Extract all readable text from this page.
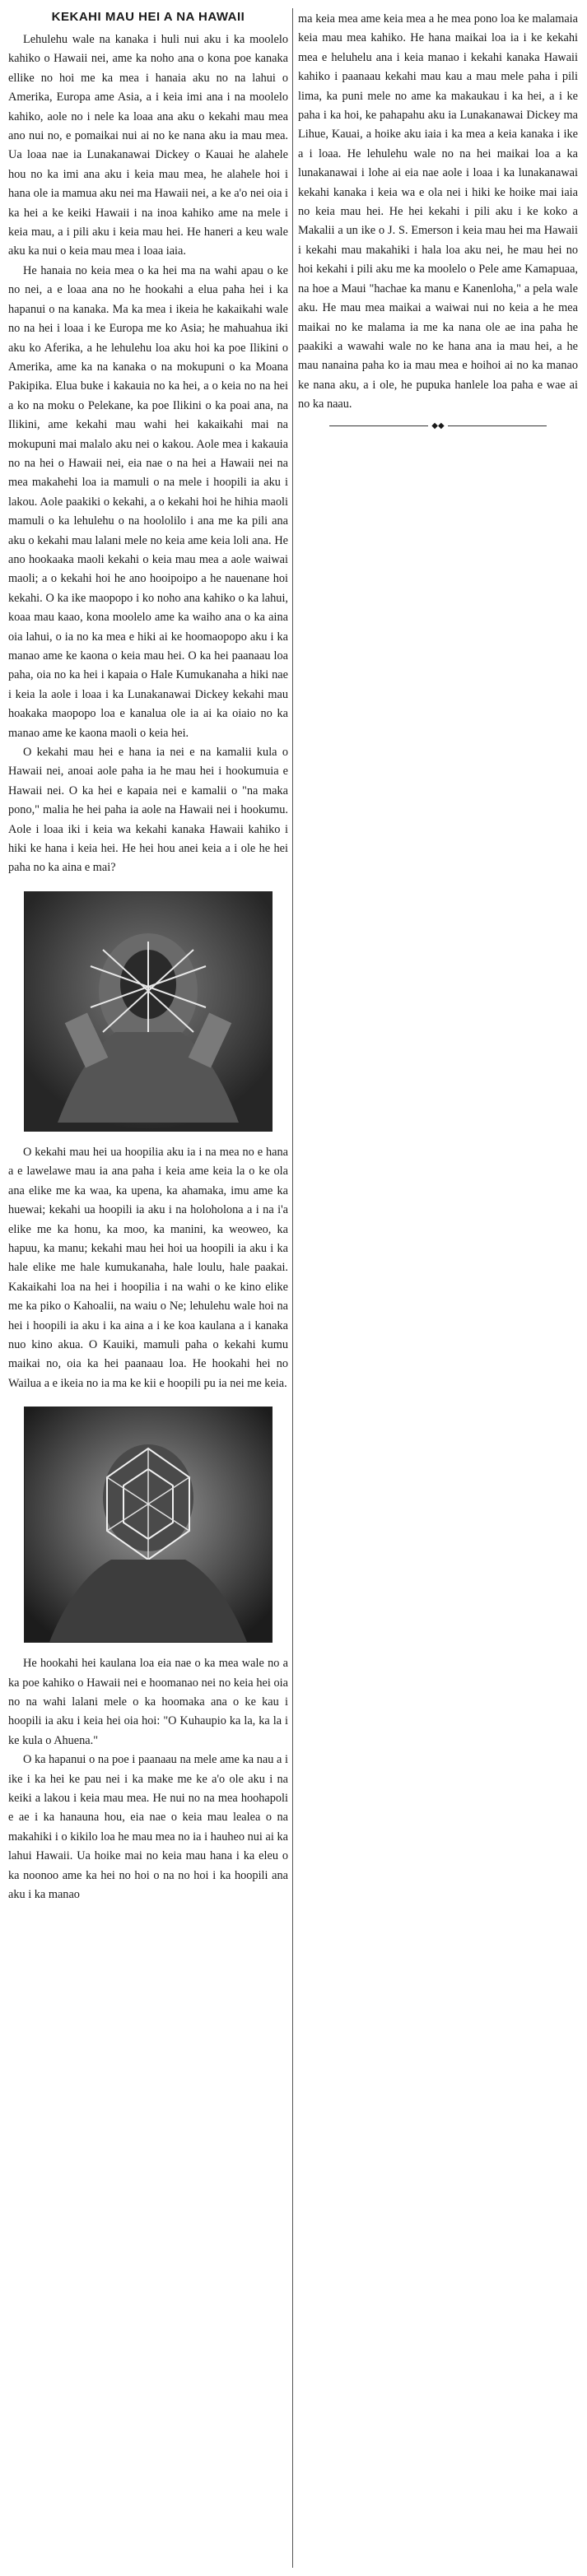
KEKAHI MAU HEI A NA HAWAII

Lehulehu wale na kanaka i huli nui aku i ka moolelo kahiko o Hawaii nei, ame ka noho ana o kona poe kanaka ellike no hoi me ka mea i hanaia aku no na lahui o Amerika, Europa ame Asia, a i keia imi ana i na moolelo kahiko, aole no i nele ka loaa ana aku o kekahi mau mea ano nui no, e pomaikai nui ai no ke nana aku ia mau mea. Ua loaa nae ia Lunakanawai Dickey o Kauai he alahele hou no ka imi ana aku i keia mau mea, he alahele hoi i hana ole ia mamua aku nei ma Hawaii nei, a ke a'o nei oia i ka hei a ke keiki Hawaii i na inoa kahiko ame na mele i keia mau, a i pili aku i keia mau hei. He haneri a keu wale aku ka nui o keia mau mea i loaa iaia.

He hanaia no keia mea o ka hei ma na wahi apau o ke no nei, a e loaa ana no he hookahi a elua paha hei i ka hapanui o na kanaka. Ma ka mea i ikeia he kakaikahi wale no na hei i loaa i ke Europa me ko Asia; he mahuahua iki aku ko Aferika, a he lehulehu loa aku hoi ka poe Ilikini o Amerika, ame ka na kanaka o na mokupuni o ka Moana Pakipika. Elua buke i kakauia no ka hei, a o keia no na hei a ko na moku o Pelekane, ka poe Ilikini o ka poai ana, na Ilikini, ame kekahi mau wahi hei kakaikahi mai na mokupuni mai malalo aku nei o kakou. Aole mea i kakauia no na hei o Hawaii nei, eia nae o na hei a Hawaii nei na mea makahehi loa ia mamuli o na mele i hoopili ia aku i lakou. Aole paakiki o kekahi, a o kekahi hoi he hihia maoli mamuli o ka lehulehu o na hoololilo i ana me ka pili ana aku o kekahi mau lalani mele no keia ame keia loli ana. He ano hookaaka maoli kekahi o keia mau mea a aole waiwai maoli; a o kekahi hoi he ano hooipoipo a he nauenane hoi kekahi. O ka ike maopopo i ko noho ana kahiko o ka lahui, koaa mau kaao, kona moolelo ame ka waiho ana o ka aina oia lahui, o ia no ka mea e hiki ai ke hoomaopopo aku i ka manao ame ke kaona o keia mau hei. O ka hei paanaau loa paha, oia no ka hei i kapaia o Hale Kumukanaha a hiki nae i keia la aole i loaa i ka Lunakanawai Dickey kekahi mau hoakaka maopopo loa e kanalua ole ia ai ka oiaio no ka manao ame ke kaona maoli o keia hei.

O kekahi mau hei e hana ia nei e na kamalii kula o Hawaii nei, anoai aole paha ia he mau hei i hookumuia e Hawaii nei. O ka hei e kapaia nei e kamalii o "na maka pono," malia he hei paha ia aole na Hawaii nei i hookumu. Aole i loaa iki i keia wa kekahi kanaka Hawaii kahiko i hiki ke hana i keia hei. He hei hou anei keia a i ole he hei paha no ka aina e mai?

O kekahi mau hei ua hoopilia aku ia i na mea no e hana a e lawelawe mau ia ana paha i keia ame keia la o ke ola ana elike me ka waa, ka upena, ka ahamaka, imu ame ka huewai; kekahi ua hoopili ia aku i na holoholona a i na i'a elike me ka honu, ka moo, ka manini, ka weoweo, ka hapuu, ka manu; kekahi mau hei hoi ua hoopili ia aku i ka hale elike me hale kumukanaha, hale loulu, hale paakai. Kakaikahi loa na hei i hoopilia i na wahi o ke kino elike me ka piko o Kahoalii, na waiu o Ne; lehulehu wale hoi na hei i hoopili ia aku i ka aina a i ke koa kaulana a i kanaka nuo kino akua. O Kauiki, mamuli paha o kekahi kumu maikai no, oia ka hei paanaau loa. He hookahi hei no Wailua a e ikeia no ia ma ke kii e hoopili pu ia nei me keia.

He hookahi hei kaulana loa eia nae o ka mea wale no a ka poe kahiko o Hawaii nei e hoomanao nei no keia hei oia no na wahi lalani mele o ka hoomaka ana o ke kau i hoopili ia aku i keia hei oia hoi: "O Kuhaupio ka la, ka la i ke kula o Ahuena."

O ka hapanui o na poe i paanaau na mele ame ka nau a i ike i ka hei ke pau nei i ka make me ke a'o ole aku i na keiki a lakou i keia mau mea. He nui no na mea hoohapoli e ae i ka hanauna hou, eia nae o keia mau lealea o na makahiki i o kikilo loa he mau mea no ia i hauheo nui ai ka lahui Hawaii. Ua hoike mai no keia mau hana i ka eleu o ka noonoo ame ka hei no hoi o na no hoi i ka hoopili ana aku i ka manao

ma keia mea ame keia mea a he mea pono loa ke malamaia keia mau mea kahiko. He hana maikai loa ia i ke kekahi mea e heluhelu ana i keia manao i kekahi kanaka Hawaii kahiko i paanaau kekahi mau kau a mau mele paha i pili lima, ka puni mele no ame ka makaukau i ka hei, a i ke paha i ka hoi, ke pahapahu aku ia Lunakanawai Dickey ma Lihue, Kauai, a hoike aku iaia i ka mea a keia kanaka i ike a i loaa. He lehulehu wale no na hei maikai loa a ka lunakanawai i lohe ai eia nae aole i loaa i ka lunakanawai kekahi kanaka i keia wa e ola nei i hiki ke hoike mai iaia no keia mau hei. He hei kekahi i pili aku i ke koko a Makalii a un ike o J. S. Emerson i keia mau hei ma Hawaii i kekahi mau makahiki i hala loa aku nei, he mau hei no hoi kekahi i pili aku me ka moolelo o Pele ame Kamapuaa, na hoe a Maui "hachae ka manu e Kanenloha," a pela wale aku. He mau mea maikai a waiwai nui no keia a he mea maikai no ke malama ia me ka nana ole ae ina paha he paakiki a wawahi wale no ke hana ana ia mau hei, a he mau nanaina paha ko ia mau mea e hoihoi ai no ka manao ke nana aku, a i ole, he pupuka hanlele loa paha e wae ai no ka naau.

◆◆
